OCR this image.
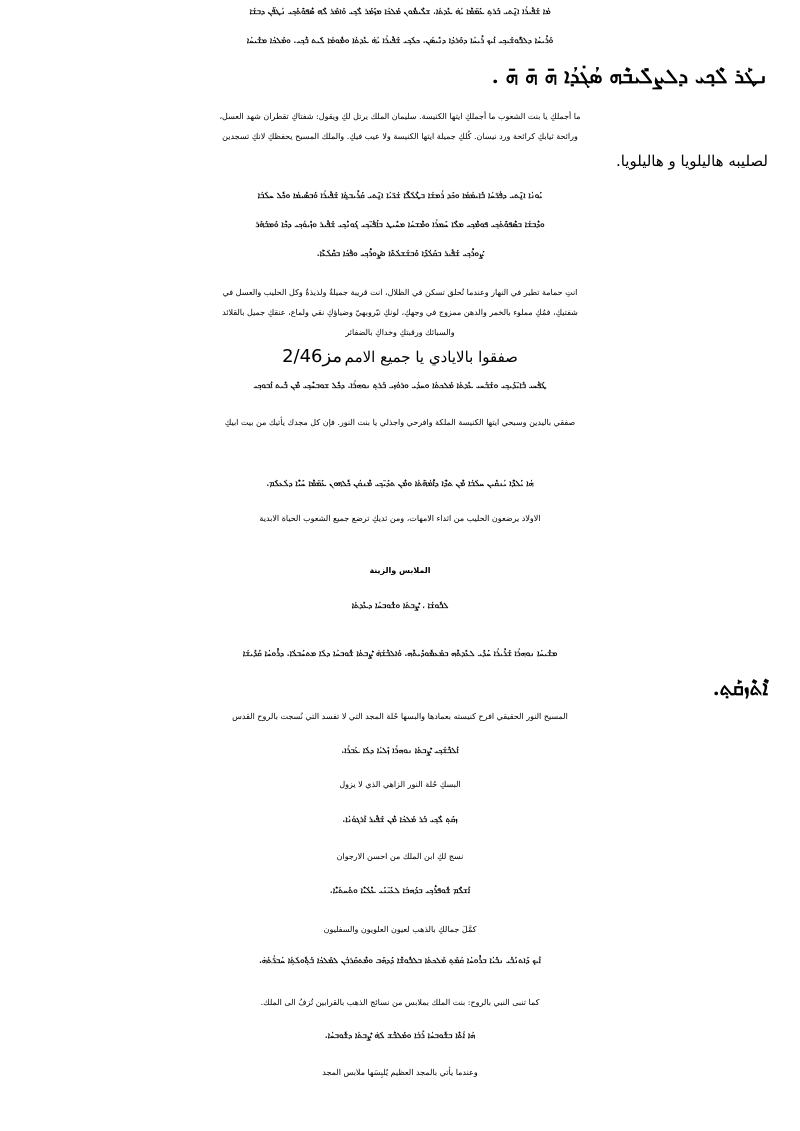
ܡܳܐ ܫܰܦܺܝܪܳܐ ܐ̱ܢ̄ܬܝ ܒܰܪܬ݂ ܥܰܡ̈ܡܶܐ ܝܳܗ̇ ܥܺܕܬܳܐ. ܫܠܶܝܡܽܘܢ ܡܰܠܟܳܐ ܡܙܰܡܰܪ ܠܶܟ݂ܝ ܘܰܐܡܰܪ ܠܶܗ ܣܶܦܘ̈ܳܬܰܟ݂ܝ ܢܳܛܦ̈ܳܢ ܕܒܫܳܐ
ܘܰܪܺܝܚܳܐ ܕܠܒ̈ܽܘܫܰܝܟ݂ܝ ܐܰܝܟ ܪܺܝܚܳܐ ܕܘܰܪܕܳܐ ܕܢܺܝܣܳܢ. ܟܠܳܟ݂ܝ ܫܰܦܺܝܪܳܐ ܝܳܗ̇ ܥܺܕܬܳܐ ܘܡܽܘܡܳܐ ܠܰܝܬ ܒܶܟ݂ܝ. ܘܡܰܠܟܳܐ ܡܫܺܝܚܳܐ
ܢܛܰܪ ܠܶܟ݂ܝ ܕܠܨܠܺܝܒܶܗ ܣܳܓ̇ܕܳܐ ܗ̄ ܗ̄ ܗ̄ .
ما أجملكِ يا بنت الشعوب ما أجملكِ ايتها الكنيسة. سليمان الملك يرتل لكِ ويقول: شفتاكِ تقطران شهد العسل،
ورائحة ثيابكِ كرائحة ورد نيسان. كُلكِ جميلة ايتها الكنيسة ولا عيب فيكِ. والملك المسيح يحفظكِ لانكِ تسجدين
لصليبه هاليلويا و هاليلويا.
ܝܰܘܢܳܐ ܐ̱ܢ̄ܬܝ ܕܦܳܪ̈ܚܳܐ ܒܺܐܝܡܳܡܳܐ ܘܟܰܕ ܪܳܡܫܳܐ ܒܛܶܠܳܠ̈ܶܐ ܫܳܪ̈ܝܳܐ ܐ̱ܢ̄ܬܝ ܩܰܪܺܝܒ̱ܬܳܐ ܫܰܦܺܝܪܳܐ ܘܰܒܣܺܝܡܳܐ ܘܟܽܠ ܚܠܳܒܳܐ
ܘܕܶܒܫܳܐ ܒܣܶܦܘ̈ܳܬܳܟ݂ܝ ܦܘܡܶܟ݂ܝ ܡܠܶܐ ܚܰܡܪܳܐ ܘܡܶܫܚܳܐ ܡܚܺܝܛ ܒܐܰܦܰܝ̈ܟ݂ܝ ܓܰܘܢܶܟ݂ܝ ܫܰܦܺܝܪ ܘܙܺܝܘܳܟ݂ܝ ܕܟܶܐ ܘܰܡܒܰܗܰܪ
ܨܰܘܪܶܟ݂ܝ ܫܰܦܺܝܪ ܒܩܰܠܳܕ̈ܳܐ ܘܰܒܫܳܫܠܳܬ̈ܳܐ ܘܨܰܘܪܶܟ݂ܝ ܘܦܰܟܳܐ ܒܩܶܠܳܥ̈ܶܐ.
انتِ حمامة تطير في النهار وعندما تُحلق تسكن في الظلال، انت قريبة جميلةٌ ولذيذةٌ وكل الحليب والعسل في
شفتيكِ، فمُكِ مملوء بالخمر والدهن ممزوج في وجهكِ، لونكِ نيّروبهيّ وضياؤكِ نقي ولماع، عنقكِ جميل بالقلائد
والسبائك ورقبتكِ وخداكِ بالضفائر
صفقوا بالايادي يا جميع الامم مز2/46
ܛܰܦܰܚܝ ܒܺܐܝ̈ܕܰܝܟ݂ܝ ܘܫܰܒܰܚܝ ܥܺܕܬܳܐ ܡܰܠܟܬܳܐ ܘܚܕܳܝ ܘܪܘܳܙܝ ܒܰܪܬ݂ ܢܘܗܪܳܐ. ܕܟܽܠ ܫܘܒܚܶܟ݂ܝ ܡܶܢ ܒܶܝܬ ܐܰܒܘܟ݂ܝ
صفقي باليدين وسبحي ايتها الكنيسة الملكة وافرحي واجذلي يا بنت النور. فإن كل مجدك يأتيك من بيت ابيكِ
ܗܳܐ ܝܰܠܕ̈ܶܐ ܝܳܢܩܺܝܢ ܚܠܳܒܳܐ ܡܶܢ ܬܕ̈ܶܐ ܕܐܶܡܳܗ̈ܳܬܳܐ ܘܡܶܢ ܬܕܰܝ̈ܟ݂ܝ ܡܶܢܩܳܢ ܟܽܠܗܘܢ ܥܰܡ̈ܡܶܐ ܚܰܝ̈ܶܐ ܕܠܳܥܠܰܡ.
الاولاد يرضعون الحليب من اثداء الامهات، ومن ثديكِ ترضع جميع الشعوب الحياة الابدية
الملابس والزينة
ܠܒܽܘܫܳܐ ، ܨܶܒܬܳܐ ܘܫܽܘܒܚܳܐ ܕܥܺܕܬܳܐ
ܡܫܺܝܚܳܐ ܢܘܗܪܳܐ ܫܰܪܺܝܪܳܐ ܚܰܕܺܝ ܠܥܺܕܬܶܗ ܒܡܰܥܡܽܘܕܺܝܬܶܗ. ܘܰܐܠܒܶܫܳܗ̇ ܨܶܒܬܳܐ ܫܽܘܒܚܳܐ ܕܠܳܐ ܡܬܚܰܒܠܳܐ. ܕܪܽܘܚܳܐ ܩܰܕܺܝܫܳܐ
ܐܶܬܶܙܩܰܬ݂.
المسيح النور الحقيقي افرح كنيسته بعمادها والبسها حُلة المجد التي لا تفسد التي نُسجت بالروح القدس
ܐܰܠܒܶܫܳܟ݂ܝ ܨܶܒܬܳܐ ܢܘܗܪܳܐ ܙܰܠܝܳܐ ܕܠܳܐ ܥܳܒܪܳܐ.
البسكِ حُلة النور الزاهي الذي لا يزول
ܙܩܰܬ݂ ܠܶܟ݂ܝ ܒܰܪ ܡܰܠܟܳܐ ܡܶܢ ܫܰܦܺܝܪ ܐܰܪܓܘܳܢܳܐ.
نسج لكِ ابن الملك من احسن الارجوان
ܐܰܫܠܶܡ ܫܽܘܦܪܶܟ݂ܝ ܒܕܰܗܒܳܐ ܠܥܰܝ̈ܢܰܝ ܥܶܠܳܝ̈ܶܐ ܘܬܰܚܬܳܝ̈ܶܐ.
كمَّلَ جمالكِ بالذهب لعيون العلويون والسفليون
ܐܰܝܟ ܕܰܐܬܢܰܒܺܝ ܢܒܺܝܳܐ ܒܪܽܘܚܳܐ ܩܳܡܰܬ݂ ܡܰܠܟܬܳܐ ܒܠܒܽܘܫܶܐ ܕܰܕܗܰܒ ܘܡܶܬܩܰܪܒܳܢ ܠܡܰܠܟܳܐ ܒܰܬ݂ܽܘܠܳܬ݂ܳܐ ܚܳܒܪ̈ܳܬܳܗ̇.
كما تنبى النبي بالروح: بنت الملك بملابس من نسائج الذهب بالقرابين تُزفُ الى الملك.
ܗܳܐ ܐܳܬܶܐ ܒܫܽܘܒܚܳܐ ܪܰܒܳܐ ܘܡܰܠܒܶܫ ܠܳܗ̇ ܨܶܒܬܳܐ ܕܫܽܘܒܚܳܐ.
وعندما يأتي بالمجد العظيم يُلبِسَها ملابس المجد
